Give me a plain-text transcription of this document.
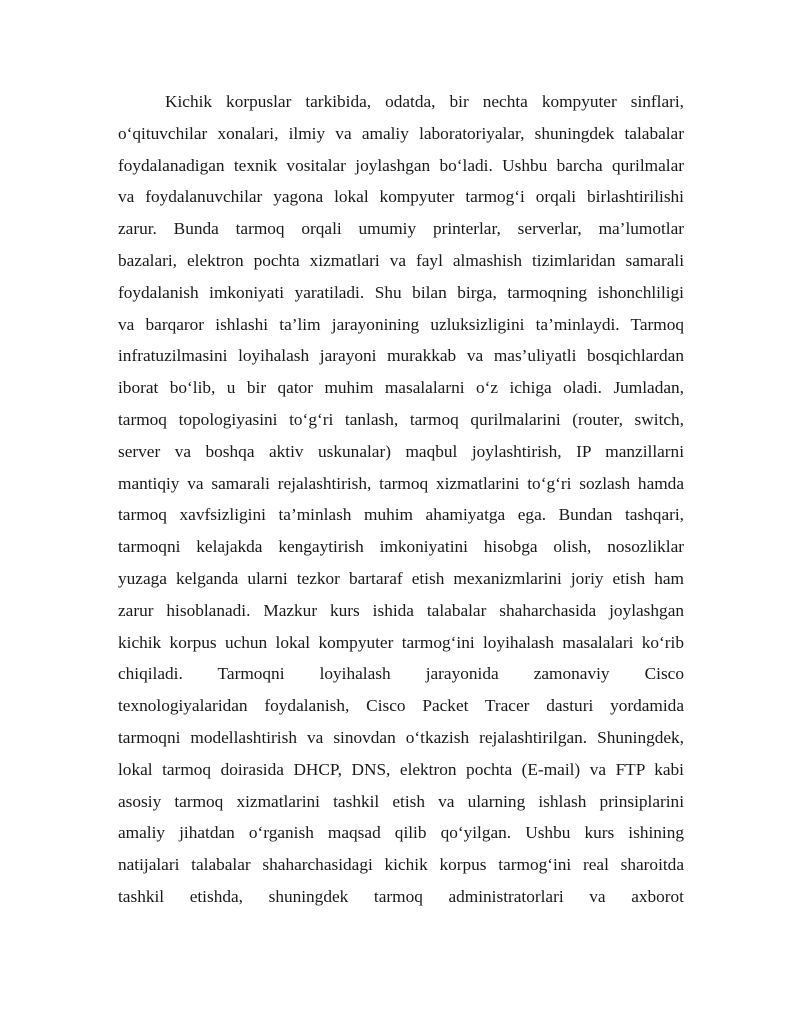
Kichik korpuslar tarkibida, odatda, bir nechta kompyuter sinflari,
o‘qituvchilar xonalari, ilmiy va amaliy laboratoriyalar, shuningdek talabalar
foydalanadigan texnik vositalar joylashgan bo‘ladi. Ushbu barcha qurilmalar
va foydalanuvchilar yagona lokal kompyuter tarmog‘i orqali birlashtirilishi
zarur. Bunda tarmoq orqali umumiy printerlar, serverlar, ma’lumotlar
bazalari, elektron pochta xizmatlari va fayl almashish tizimlaridan samarali
foydalanish imkoniyati yaratiladi. Shu bilan birga, tarmoqning ishonchliligi
va barqaror ishlashi ta’lim jarayonining uzluksizligini ta’minlaydi. Tarmoq
infratuzilmasini loyihalash jarayoni murakkab va mas’uliyatli bosqichlardan
iborat bo‘lib, u bir qator muhim masalalarni o‘z ichiga oladi. Jumladan,
tarmoq topologiyasini to‘g‘ri tanlash, tarmoq qurilmalarini (router, switch,
server va boshqa aktiv uskunalar) maqbul joylashtirish, IP manzillarni
mantiqiy va samarali rejalashtirish, tarmoq xizmatlarini to‘g‘ri sozlash hamda
tarmoq xavfsizligini ta’minlash muhim ahamiyatga ega. Bundan tashqari,
tarmoqni kelajakda kengaytirish imkoniyatini hisobga olish, nosozliklar
yuzaga kelganda ularni tezkor bartaraf etish mexanizmlarini joriy etish ham
zarur hisoblanadi. Mazkur kurs ishida talabalar shaharchasida joylashgan
kichik korpus uchun lokal kompyuter tarmog‘ini loyihalash masalalari ko‘rib
chiqiladi. Tarmoqni loyihalash jarayonida zamonaviy Cisco
texnologiyalaridan foydalanish, Cisco Packet Tracer dasturi yordamida
tarmoqni modellashtirish va sinovdan o‘tkazish rejalashtirilgan. Shuningdek,
lokal tarmoq doirasida DHCP, DNS, elektron pochta (E-mail) va FTP kabi
asosiy tarmoq xizmatlarini tashkil etish va ularning ishlash prinsiplarini
amaliy jihatdan o‘rganish maqsad qilib qo‘yilgan. Ushbu kurs ishining
natijalari talabalar shaharchasidagi kichik korpus tarmog‘ini real sharoitda
tashkil etishda, shuningdek tarmoq administratorlari va axborot
